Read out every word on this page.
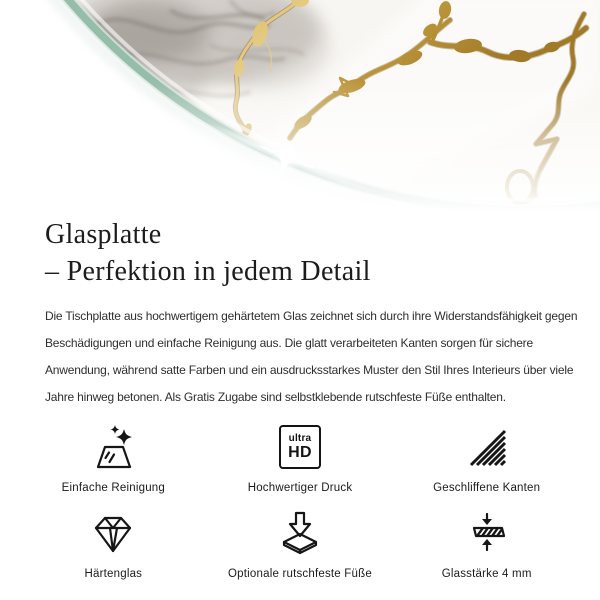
Glasplatte
– Perfektion in jedem Detail

Die Tischplatte aus hochwertigem gehärtetem Glas zeichnet sich durch ihre Widerstandsfähigkeit gegen Beschädigungen und einfache Reinigung aus. Die glatt verarbeiteten Kanten sorgen für sichere Anwendung, während satte Farben und ein ausdrucksstarkes Muster den Stil Ihres Interieurs über viele Jahre hinweg betonen. Als Gratis Zugabe sind selbstklebende rutschfeste Füße enthalten.

Einfache Reinigung
ultra
HD
Hochwertiger Druck	Geschliffene Kanten
Härtenglas	Optionale rutschfeste Füße	Glasstärke 4 mm
